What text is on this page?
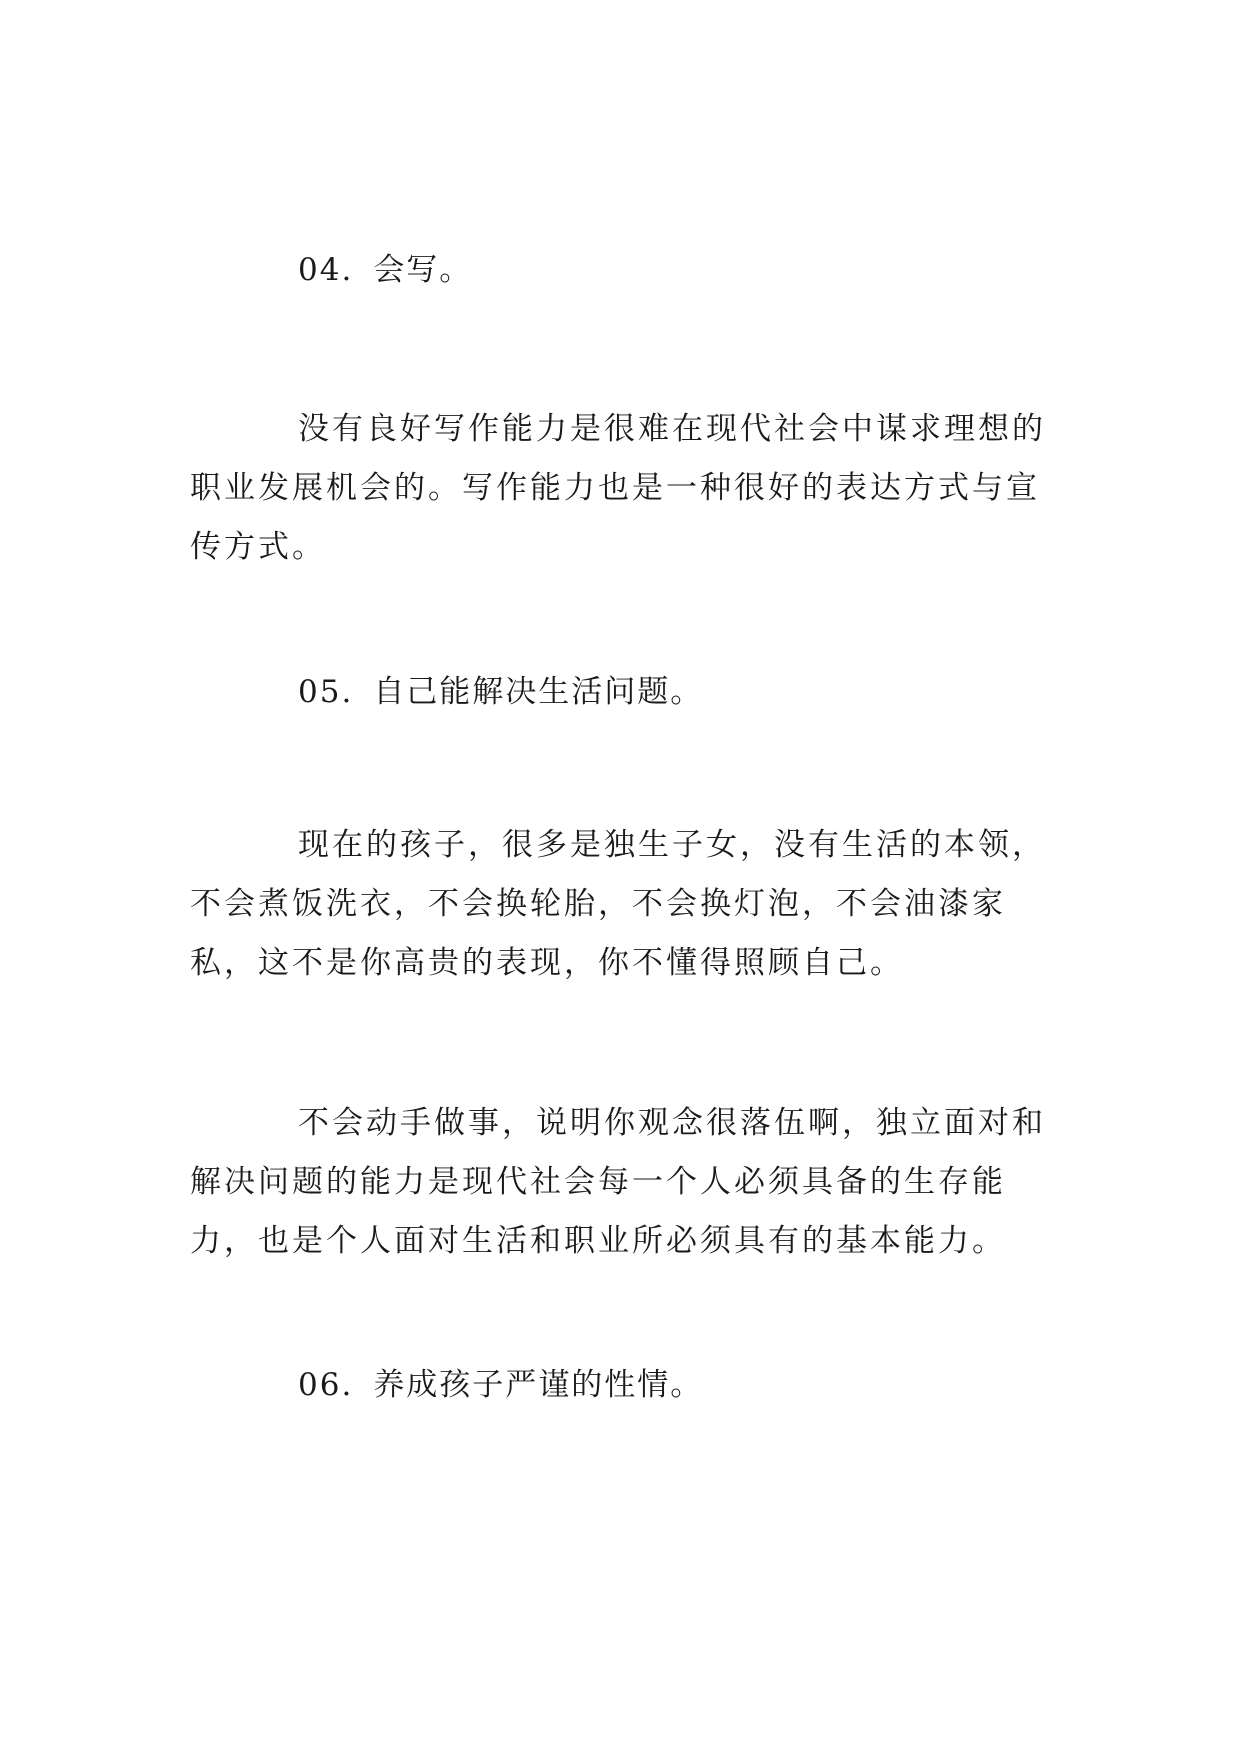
04. 会写。

没有良好写作能力是很难在现代社会中谋求理想的职业发展机会的。写作能力也是一种很好的表达方式与宣传方式。

05. 自己能解决生活问题。

现在的孩子，很多是独生子女，没有生活的本领，不会煮饭洗衣，不会换轮胎，不会换灯泡，不会油漆家私，这不是你高贵的表现，你不懂得照顾自己。

不会动手做事，说明你观念很落伍啊，独立面对和解决问题的能力是现代社会每一个人必须具备的生存能力，也是个人面对生活和职业所必须具有的基本能力。

06. 养成孩子严谨的性情。
